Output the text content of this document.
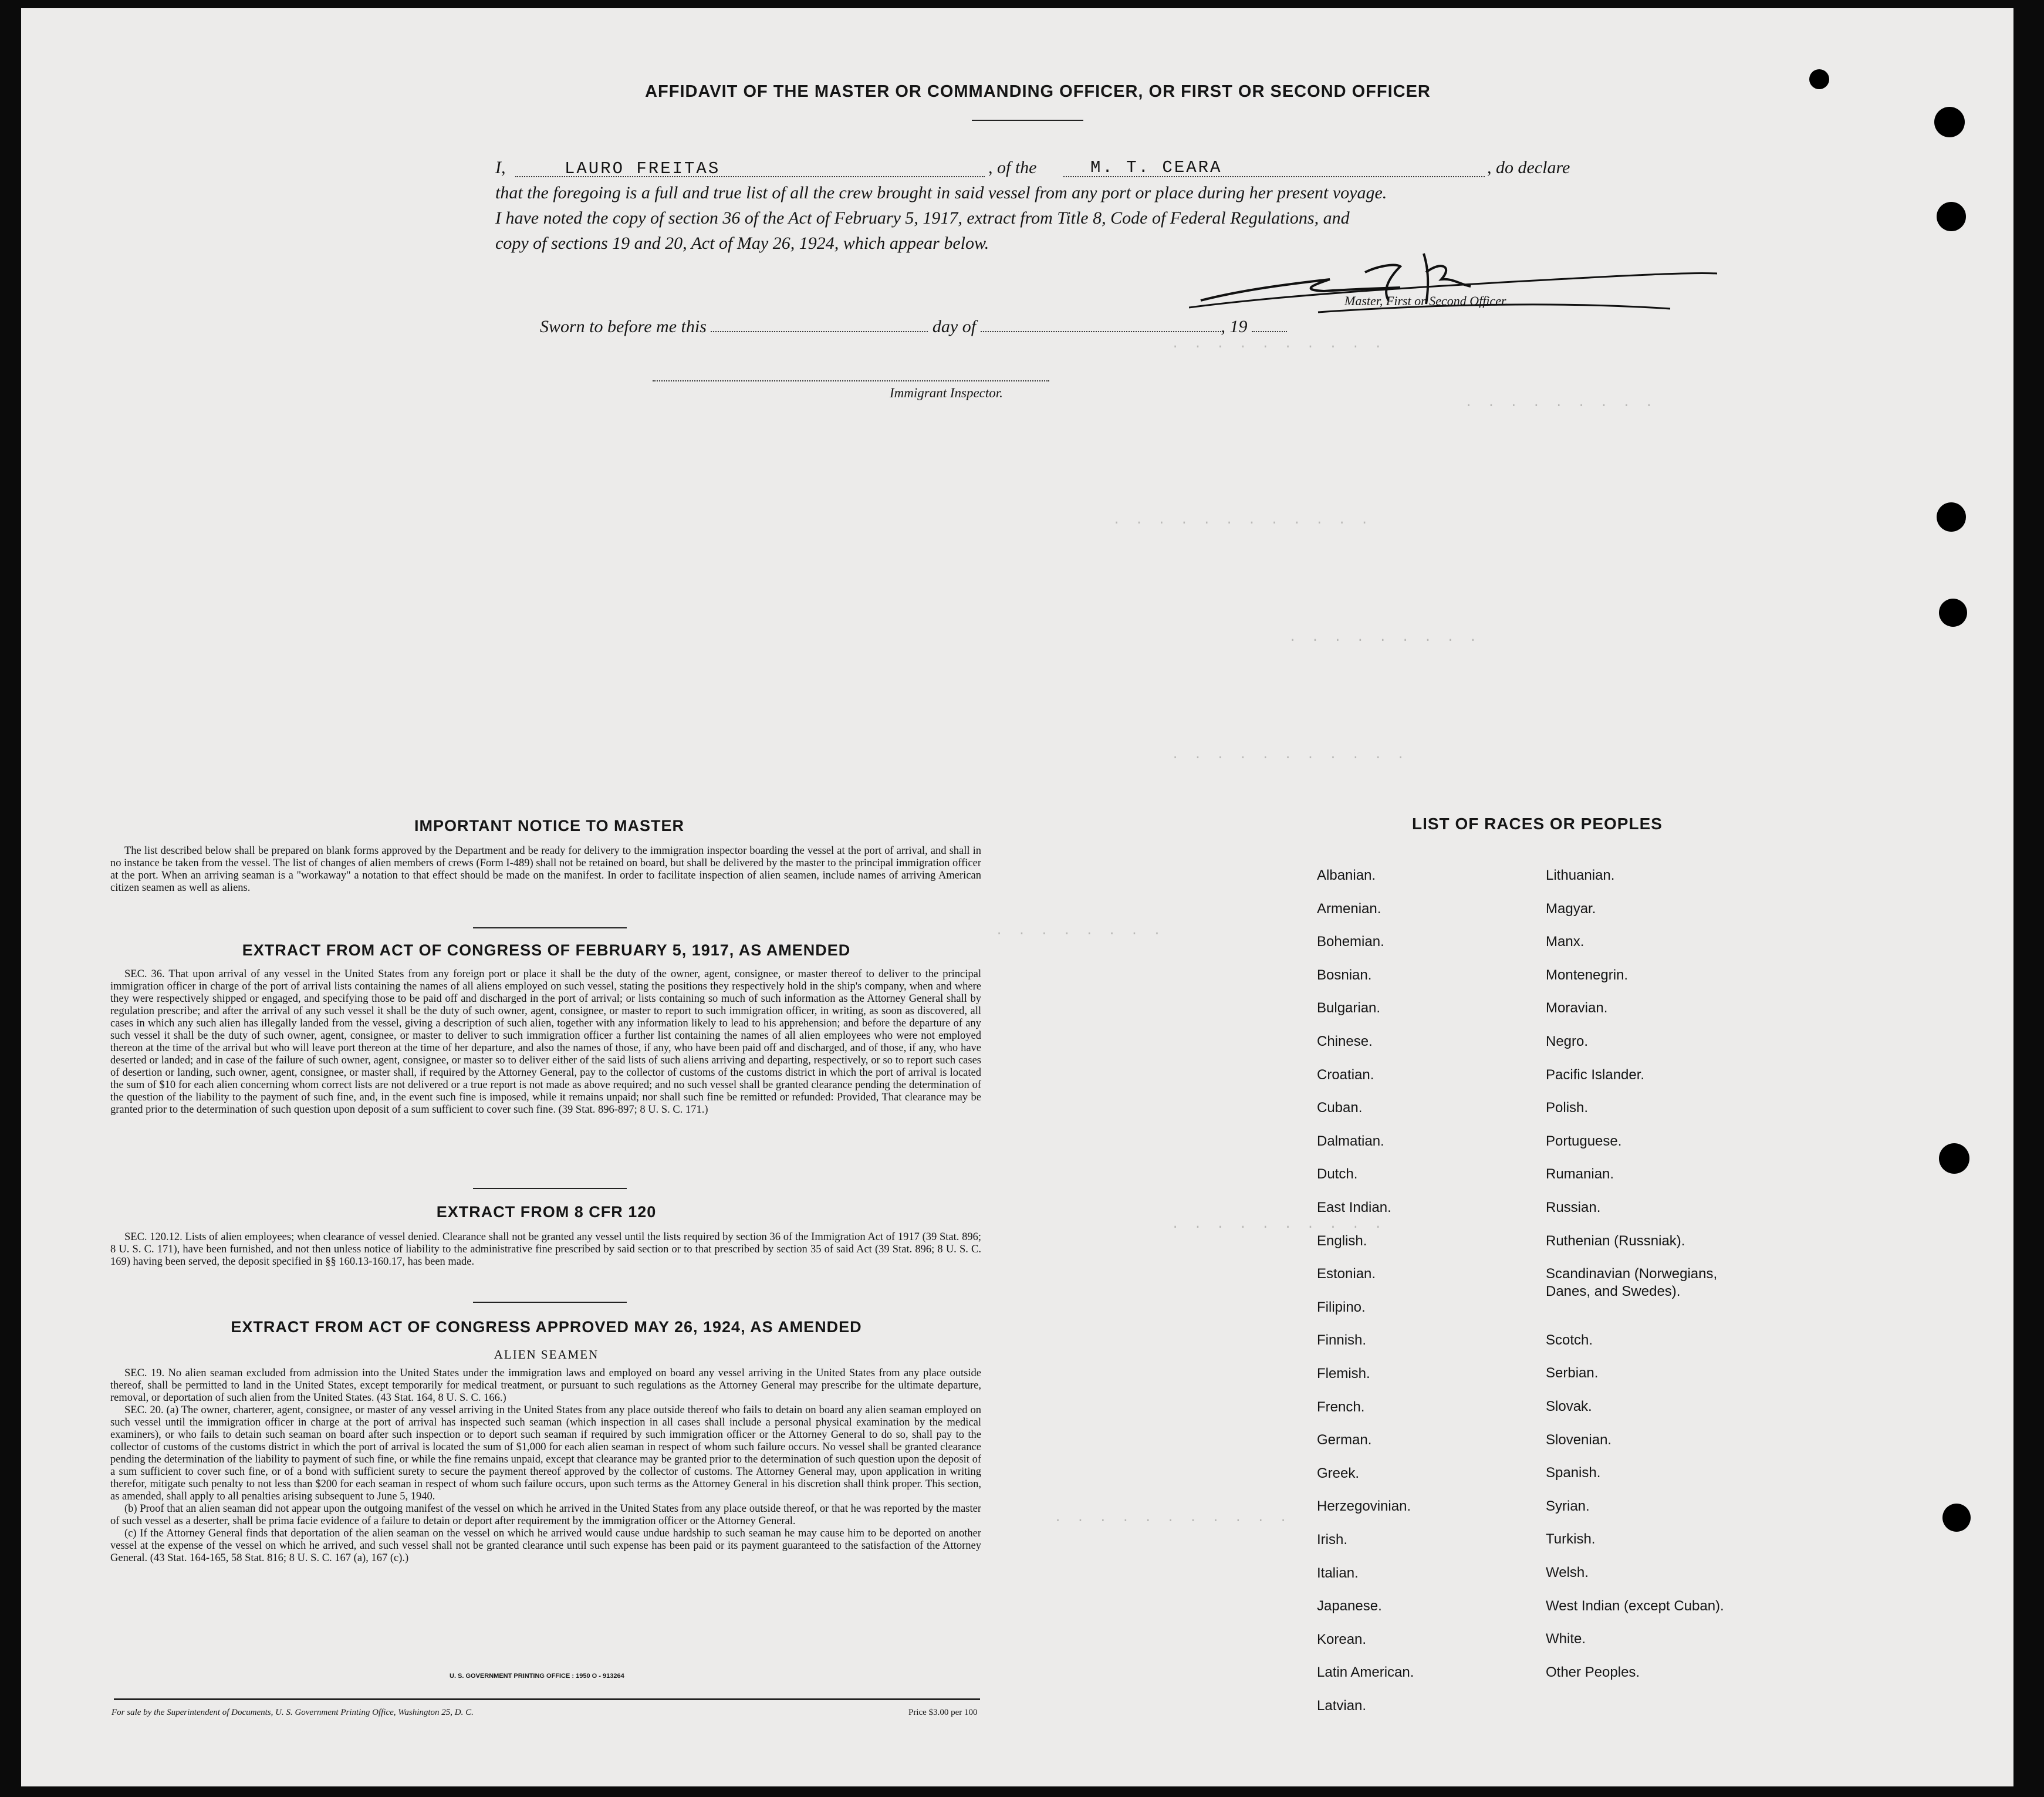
. . . . . . . . . .
. . . . . . . . .
. . . . . . . . . . . .
. . . . . . . . .
. . . . . . . . . . .
. . . . . . . .
. . . . . . . . . .
. . . . . . . . . . .
AFFIDAVIT OF THE MASTER OR COMMANDING OFFICER, OR FIRST OR SECOND OFFICER
I,	LAURO FREITAS	, of the	M. T. CEARA	, do declare
that the foregoing is a full and true list of all the crew brought in said vessel from any port or place during her present voyage.
I have noted the copy of section 36 of the Act of February 5, 1917, extract from Title 8, Code of Federal Regulations, and
copy of sections 19 and 20, Act of May 26, 1924, which appear below.
Master, First or Second Officer.
Sworn to before me this	day of	, 19
Immigrant Inspector.
IMPORTANT NOTICE TO MASTER

The list described below shall be prepared on blank forms approved by the Department and be ready for delivery to the immigration inspector boarding the vessel at the port of arrival, and shall in no instance be taken from the vessel. The list of changes of alien members of crews (Form I-489) shall not be retained on board, but shall be delivered by the master to the principal immigration officer at the port. When an arriving seaman is a "workaway" a notation to that effect should be made on the manifest. In order to facilitate inspection of alien seamen, include names of arriving American citizen seamen as well as aliens.

EXTRACT FROM ACT OF CONGRESS OF FEBRUARY 5, 1917, AS AMENDED

SEC. 36. That upon arrival of any vessel in the United States from any foreign port or place it shall be the duty of the owner, agent, consignee, or master thereof to deliver to the principal immigration officer in charge of the port of arrival lists containing the names of all aliens employed on such vessel, stating the positions they respectively hold in the ship's company, when and where they were respectively shipped or engaged, and specifying those to be paid off and discharged in the port of arrival; or lists containing so much of such information as the Attorney General shall by regulation prescribe; and after the arrival of any such vessel it shall be the duty of such owner, agent, consignee, or master to report to such immigration officer, in writing, as soon as discovered, all cases in which any such alien has illegally landed from the vessel, giving a description of such alien, together with any information likely to lead to his apprehension; and before the departure of any such vessel it shall be the duty of such owner, agent, consignee, or master to deliver to such immigration officer a further list containing the names of all alien employees who were not employed thereon at the time of the arrival but who will leave port thereon at the time of her departure, and also the names of those, if any, who have been paid off and discharged, and of those, if any, who have deserted or landed; and in case of the failure of such owner, agent, consignee, or master so to deliver either of the said lists of such aliens arriving and departing, respectively, or so to report such cases of desertion or landing, such owner, agent, consignee, or master shall, if required by the Attorney General, pay to the collector of customs of the customs district in which the port of arrival is located the sum of $10 for each alien concerning whom correct lists are not delivered or a true report is not made as above required; and no such vessel shall be granted clearance pending the determination of the question of the liability to the payment of such fine, and, in the event such fine is imposed, while it remains unpaid; nor shall such fine be remitted or refunded: Provided, That clearance may be granted prior to the determination of such question upon deposit of a sum sufficient to cover such fine. (39 Stat. 896-897; 8 U. S. C. 171.)

EXTRACT FROM 8 CFR 120

SEC. 120.12. Lists of alien employees; when clearance of vessel denied. Clearance shall not be granted any vessel until the lists required by section 36 of the Immigration Act of 1917 (39 Stat. 896; 8 U. S. C. 171), have been furnished, and not then unless notice of liability to the administrative fine prescribed by said section or to that prescribed by section 35 of said Act (39 Stat. 896; 8 U. S. C. 169) having been served, the deposit specified in §§ 160.13-160.17, has been made.

EXTRACT FROM ACT OF CONGRESS APPROVED MAY 26, 1924, AS AMENDED
ALIEN SEAMEN

SEC. 19. No alien seaman excluded from admission into the United States under the immigration laws and employed on board any vessel arriving in the United States from any place outside thereof, shall be permitted to land in the United States, except temporarily for medical treatment, or pursuant to such regulations as the Attorney General may prescribe for the ultimate departure, removal, or deportation of such alien from the United States. (43 Stat. 164, 8 U. S. C. 166.)

SEC. 20. (a) The owner, charterer, agent, consignee, or master of any vessel arriving in the United States from any place outside thereof who fails to detain on board any alien seaman employed on such vessel until the immigration officer in charge at the port of arrival has inspected such seaman (which inspection in all cases shall include a personal physical examination by the medical examiners), or who fails to detain such seaman on board after such inspection or to deport such seaman if required by such immigration officer or the Attorney General to do so, shall pay to the collector of customs of the customs district in which the port of arrival is located the sum of $1,000 for each alien seaman in respect of whom such failure occurs. No vessel shall be granted clearance pending the determination of the liability to payment of such fine, or while the fine remains unpaid, except that clearance may be granted prior to the determination of such question upon the deposit of a sum sufficient to cover such fine, or of a bond with sufficient surety to secure the payment thereof approved by the collector of customs. The Attorney General may, upon application in writing therefor, mitigate such penalty to not less than $200 for each seaman in respect of whom such failure occurs, upon such terms as the Attorney General in his discretion shall think proper. This section, as amended, shall apply to all penalties arising subsequent to June 5, 1940.

(b) Proof that an alien seaman did not appear upon the outgoing manifest of the vessel on which he arrived in the United States from any place outside thereof, or that he was reported by the master of such vessel as a deserter, shall be prima facie evidence of a failure to detain or deport after requirement by the immigration officer or the Attorney General.

(c) If the Attorney General finds that deportation of the alien seaman on the vessel on which he arrived would cause undue hardship to such seaman he may cause him to be deported on another vessel at the expense of the vessel on which he arrived, and such vessel shall not be granted clearance until such expense has been paid or its payment guaranteed to the satisfaction of the Attorney General. (43 Stat. 164-165, 58 Stat. 816; 8 U. S. C. 167 (a), 167 (c).)

U. S. GOVERNMENT PRINTING OFFICE : 1950 O - 913264
For sale by the Superintendent of Documents, U. S. Government Printing Office, Washington 25, D. C.	Price $3.00 per 100
LIST OF RACES OR PEOPLES
Albanian.
Armenian.
Bohemian.
Bosnian.
Bulgarian.
Chinese.
Croatian.
Cuban.
Dalmatian.
Dutch.
East Indian.
English.
Estonian.
Filipino.
Finnish.
Flemish.
French.
German.
Greek.
Herzegovinian.
Irish.
Italian.
Japanese.
Korean.
Latin American.
Latvian.
Lithuanian.
Magyar.
Manx.
Montenegrin.
Moravian.
Negro.
Pacific Islander.
Polish.
Portuguese.
Rumanian.
Russian.
Ruthenian (Russniak).
Scandinavian (Norwegians,
Danes, and Swedes).
Scotch.
Serbian.
Slovak.
Slovenian.
Spanish.
Syrian.
Turkish.
Welsh.
West Indian (except Cuban).
White.
Other Peoples.
